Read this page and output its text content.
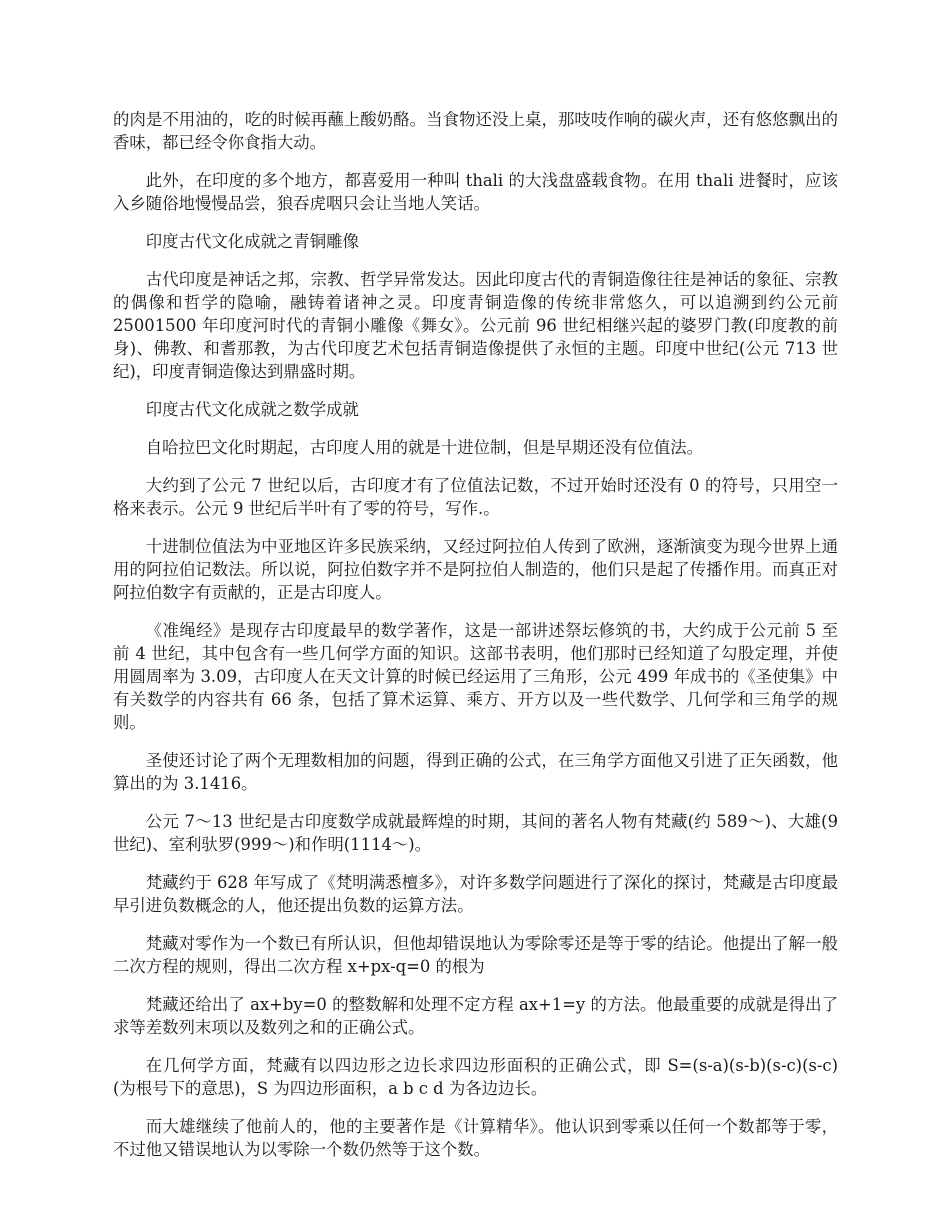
的肉是不用油的，吃的时候再蘸上酸奶酪。当食物还没上桌，那吱吱作响的碳火声，还有悠悠飘出的香味，都已经令你食指大动。

此外，在印度的多个地方，都喜爱用一种叫 thali 的大浅盘盛载食物。在用 thali 进餐时，应该入乡随俗地慢慢品尝，狼吞虎咽只会让当地人笑话。

印度古代文化成就之青铜雕像

古代印度是神话之邦，宗教、哲学异常发达。因此印度古代的青铜造像往往是神话的象征、宗教的偶像和哲学的隐喻，融铸着诸神之灵。印度青铜造像的传统非常悠久，可以追溯到约公元前 25001500 年印度河时代的青铜小雕像《舞女》。公元前 96 世纪相继兴起的婆罗门教(印度教的前身)、佛教、和耆那教，为古代印度艺术包括青铜造像提供了永恒的主题。印度中世纪(公元 713 世纪)，印度青铜造像达到鼎盛时期。

印度古代文化成就之数学成就

自哈拉巴文化时期起，古印度人用的就是十进位制，但是早期还没有位值法。

大约到了公元 7 世纪以后，古印度才有了位值法记数，不过开始时还没有 0 的符号，只用空一格来表示。公元 9 世纪后半叶有了零的符号，写作.。

十进制位值法为中亚地区许多民族采纳，又经过阿拉伯人传到了欧洲，逐渐演变为现今世界上通用的阿拉伯记数法。所以说，阿拉伯数字并不是阿拉伯人制造的，他们只是起了传播作用。而真正对阿拉伯数字有贡献的，正是古印度人。

《准绳经》是现存古印度最早的数学著作，这是一部讲述祭坛修筑的书，大约成于公元前 5 至前 4 世纪，其中包含有一些几何学方面的知识。这部书表明，他们那时已经知道了勾股定理，并使用圆周率为 3.09，古印度人在天文计算的时候已经运用了三角形，公元 499 年成书的《圣使集》中有关数学的内容共有 66 条，包括了算术运算、乘方、开方以及一些代数学、几何学和三角学的规则。

圣使还讨论了两个无理数相加的问题，得到正确的公式，在三角学方面他又引进了正矢函数，他算出的为 3.1416。

公元 7～13 世纪是古印度数学成就最辉煌的时期，其间的著名人物有梵藏(约 589～)、大雄(9 世纪)、室利驮罗(999～)和作明(1114～)。

梵藏约于 628 年写成了《梵明满悉檀多》，对许多数学问题进行了深化的探讨，梵藏是古印度最早引进负数概念的人，他还提出负数的运算方法。

梵藏对零作为一个数已有所认识，但他却错误地认为零除零还是等于零的结论。他提出了解一般二次方程的规则，得出二次方程 x+px-q=0 的根为

梵藏还给出了 ax+by=0 的整数解和处理不定方程 ax+1=y 的方法。他最重要的成就是得出了求等差数列末项以及数列之和的正确公式。

在几何学方面，梵藏有以四边形之边长求四边形面积的正确公式，即 S=(s-a)(s-b)(s-c)(s-c) (为根号下的意思)，S 为四边形面积，a b c d 为各边边长。

而大雄继续了他前人的，他的主要著作是《计算精华》。他认识到零乘以任何一个数都等于零，不过他又错误地认为以零除一个数仍然等于这个数。
